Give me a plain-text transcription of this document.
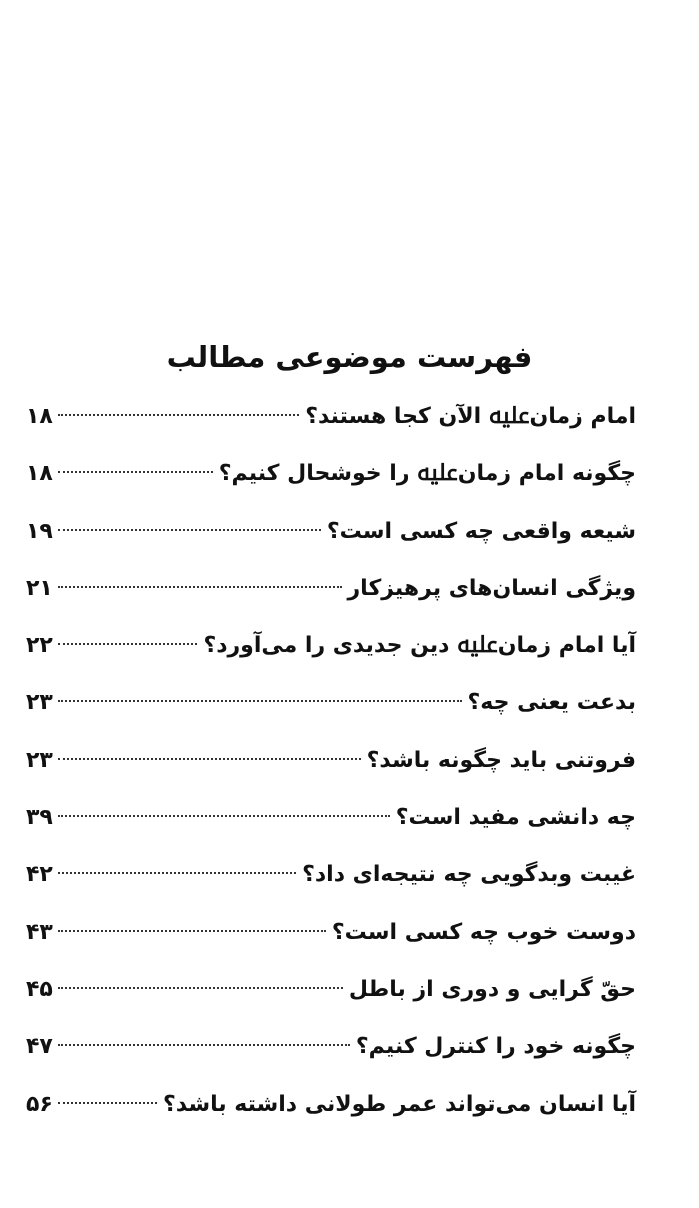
فهرست موضوعی مطالب
امام زمانﷷ الآن کجا هستند؟
۱۸
چگونه امام زمانﷷ را خوشحال کنیم؟
۱۸
شیعه واقعی چه کسی است؟
۱۹
ویژگی انسان‌های پرهیزکار
۲۱
آیا امام زمانﷷ دین جدیدی را می‌آورد؟
۲۲
بدعت یعنی چه؟
۲۳
فروتنی باید چگونه باشد؟
۲۳
چه دانشی مفید است؟
۳۹
غیبت وبدگویی چه نتیجه‌ای داد؟
۴۲
دوست خوب چه کسی است؟
۴۳
حقّ گرایی و دوری از باطل
۴۵
چگونه خود را کنترل کنیم؟
۴۷
آیا انسان می‌تواند عمر طولانی داشته باشد؟
۵۶
